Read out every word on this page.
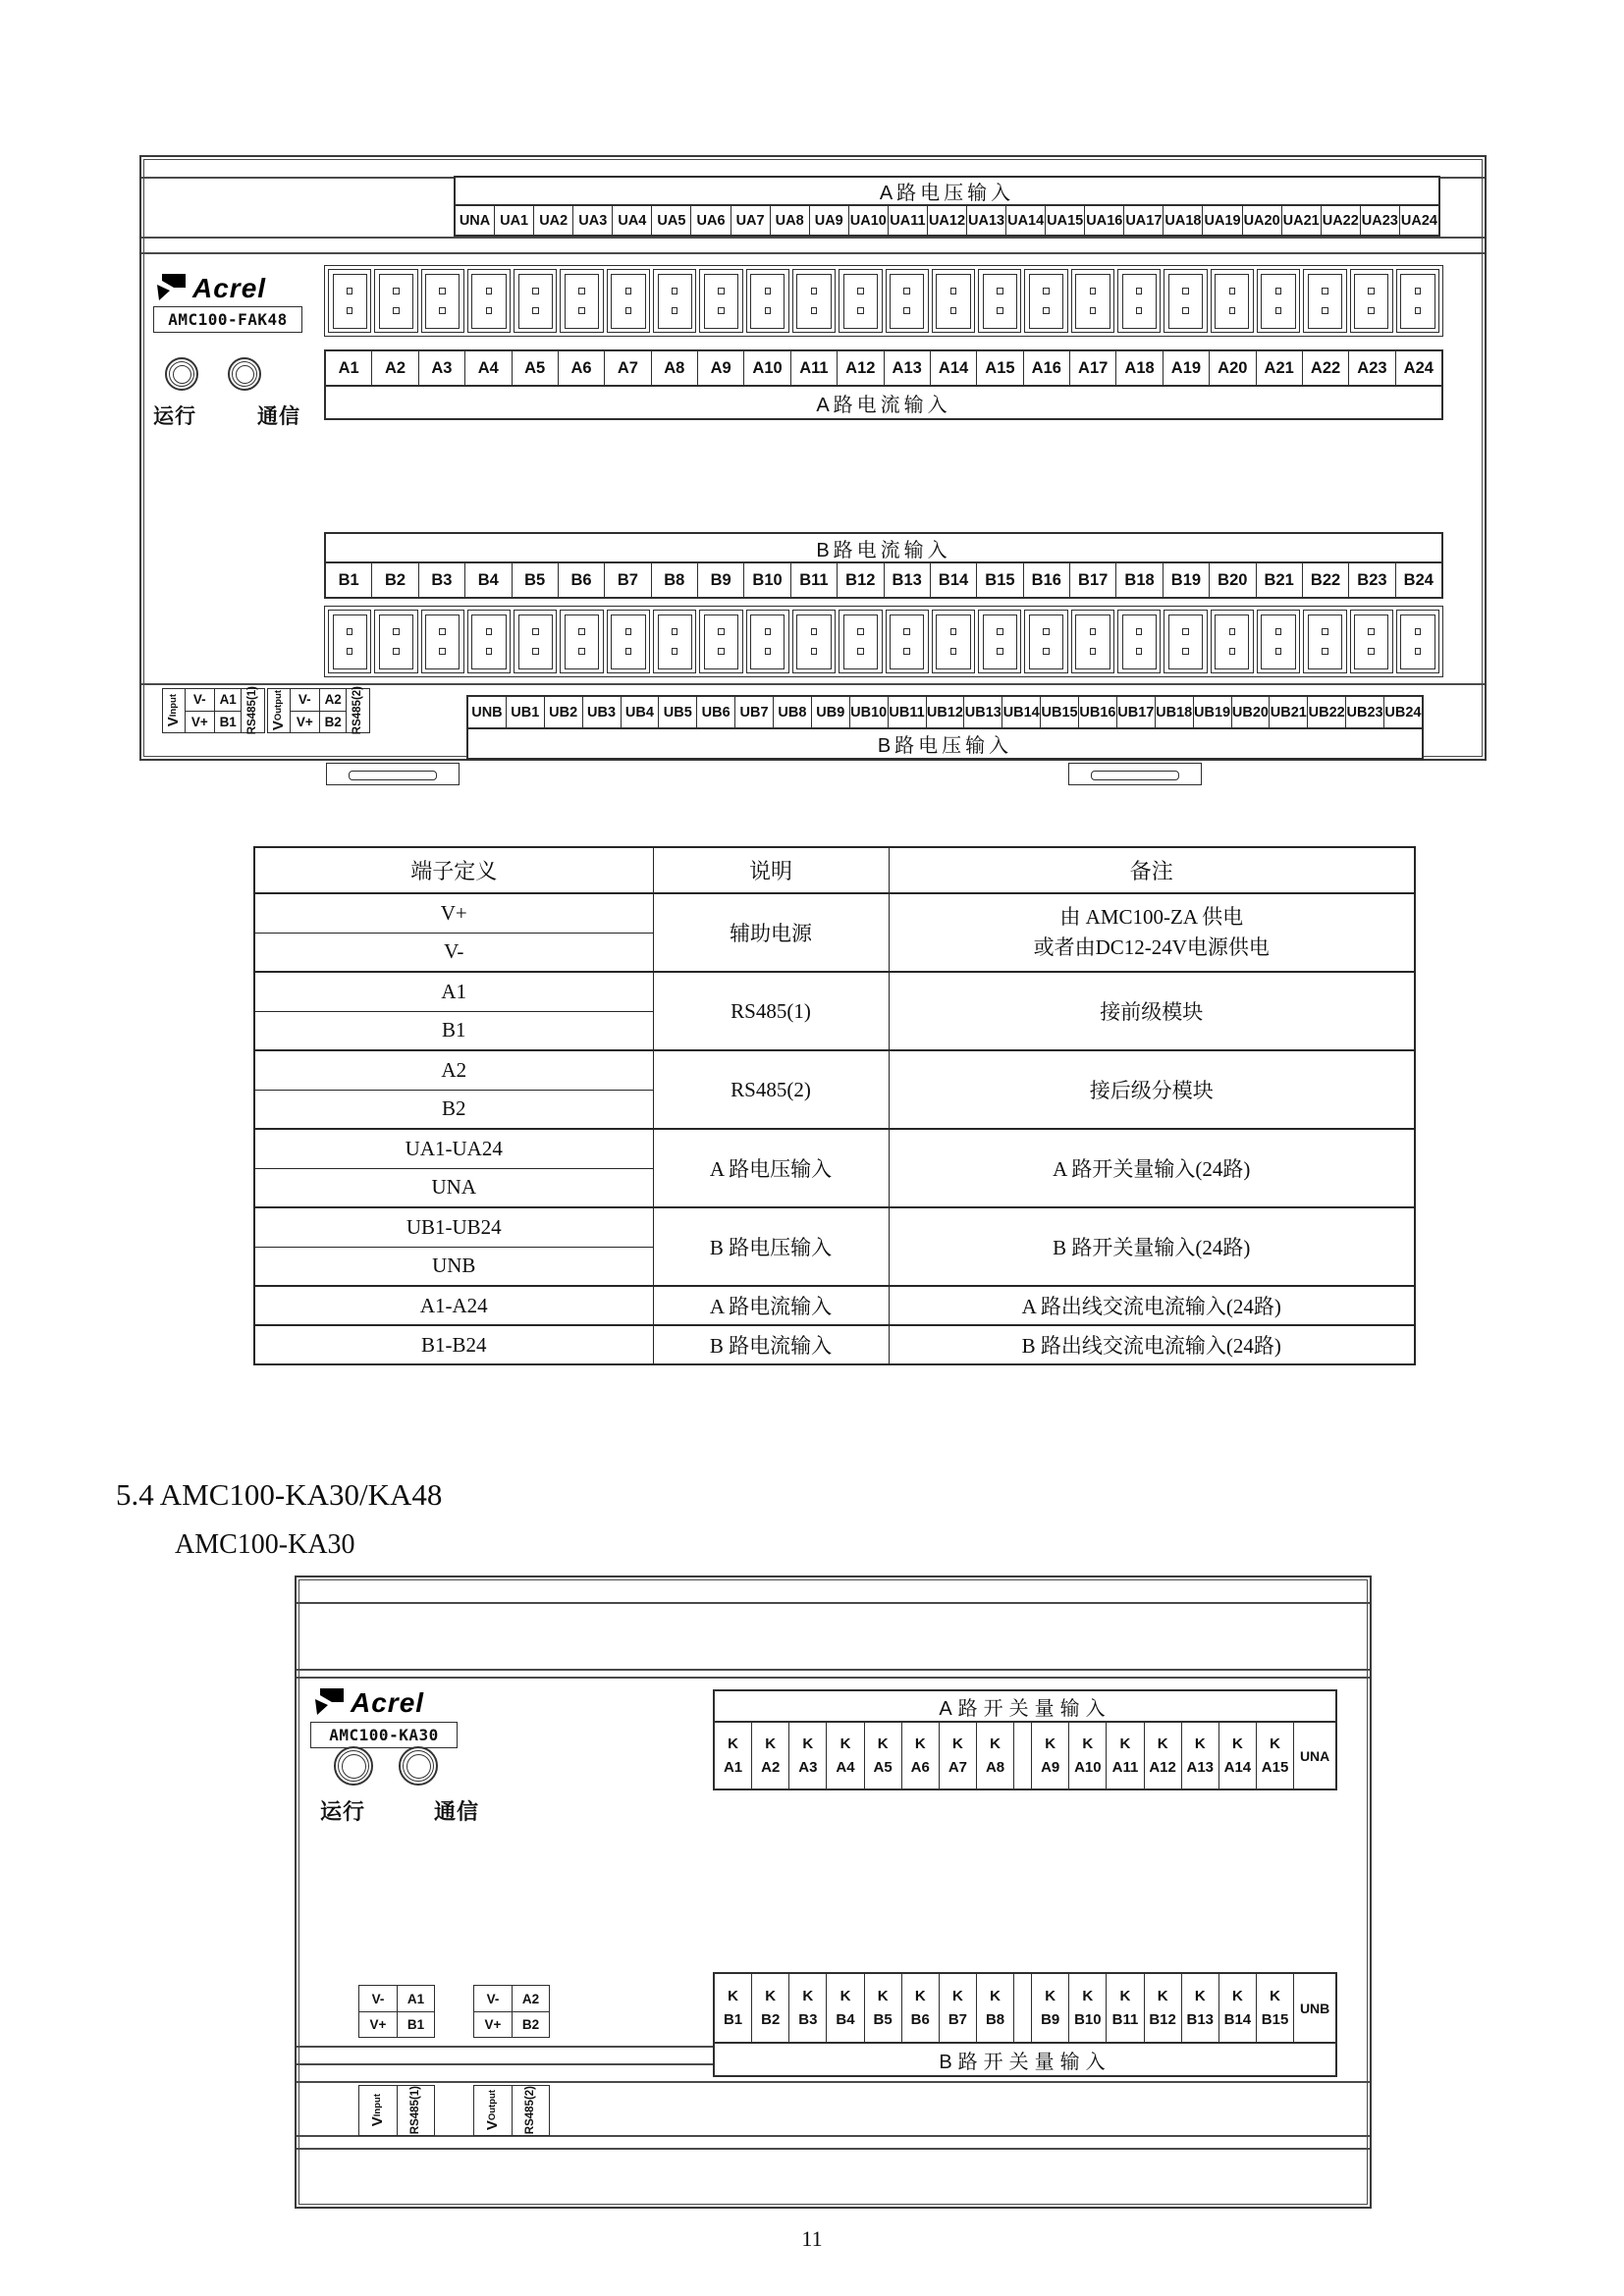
A路电压输入
UNA UA1 UA2 UA3 UA4 UA5 UA6 UA7 UA8 UA9 UA10 UA11 UA12 UA13 UA14 UA15 UA16 UA17 UA18 UA19 UA20 UA21 UA22 UA23 UA24
Acrel
AMC100-FAK48
运行	通信
A1	A2	A3	A4	A5	A6	A7	A8	A9	A10	A11	A12	A13	A14	A15	A16	A17	A18	A19	A20	A21	A22	A23	A24
A路电流输入
B路电流输入
B1	B2	B3	B4	B5	B6	B7	B8	B9	B10	B11	B12	B13	B14	B15	B16	B17	B18	B19	B20	B21	B22	B23	B24
VInput	V-
$V+ \frac{A1}{B1} RS485(1)$ VOutput	V-
$V+ \frac{A2}{B2} RS485(2)$	UNB UB1 UB2 UB3 UB4 UB5 UB6 UB7 UB8 UB9 UB10 UB11 UB12 UB13 UB14 UB15 UB16 UB17 UB18 UB19 UB20 UB21 UB22 UB23 UB24
B路电压输入
端子定义	说明	备注
V+	辅助电源	由 AMC100-ZA 供电
或者由DC12-24V电源供电

V-		
A1	RS485(1)	接前级模块
B1		
A2	RS485(2)	接后级分模块
B2		
UA1-UA24	A 路电压输入	A 路开关量输入(24路)
UNA		
UB1-UB24	B 路电压输入	B 路开关量输入(24路)
UNB		
A1-A24	A 路电流输入	A 路出线交流电流输入(24路)
B1-B24	B 路电流输入	B 路出线交流电流输入(24路)
5.4 AMC100-KA30/KA48
AMC100-KA30
Acrel
AMC100-KA30
运行	通信
A路开关量输入
K
A1
K
A2
K
A3
K
A4
K
A5
K
A6
K
A7
K
A8
K
A9
K
A10
K
A11
K
A12
K
A13
K
A14
K
A15
UNA
K
B1
K
B2
K
B3
K
B4
K
B5
K
B6
K
B7
K
B8
K
B9
K
B10
K
B11
K
B12
K
B13
K
B14
K
B15
UNB
B路开关量输入
V-	A1
V+	B1
V-	A2
V+	B2
VInput RS485(1)	VOutput RS485(2)
11
